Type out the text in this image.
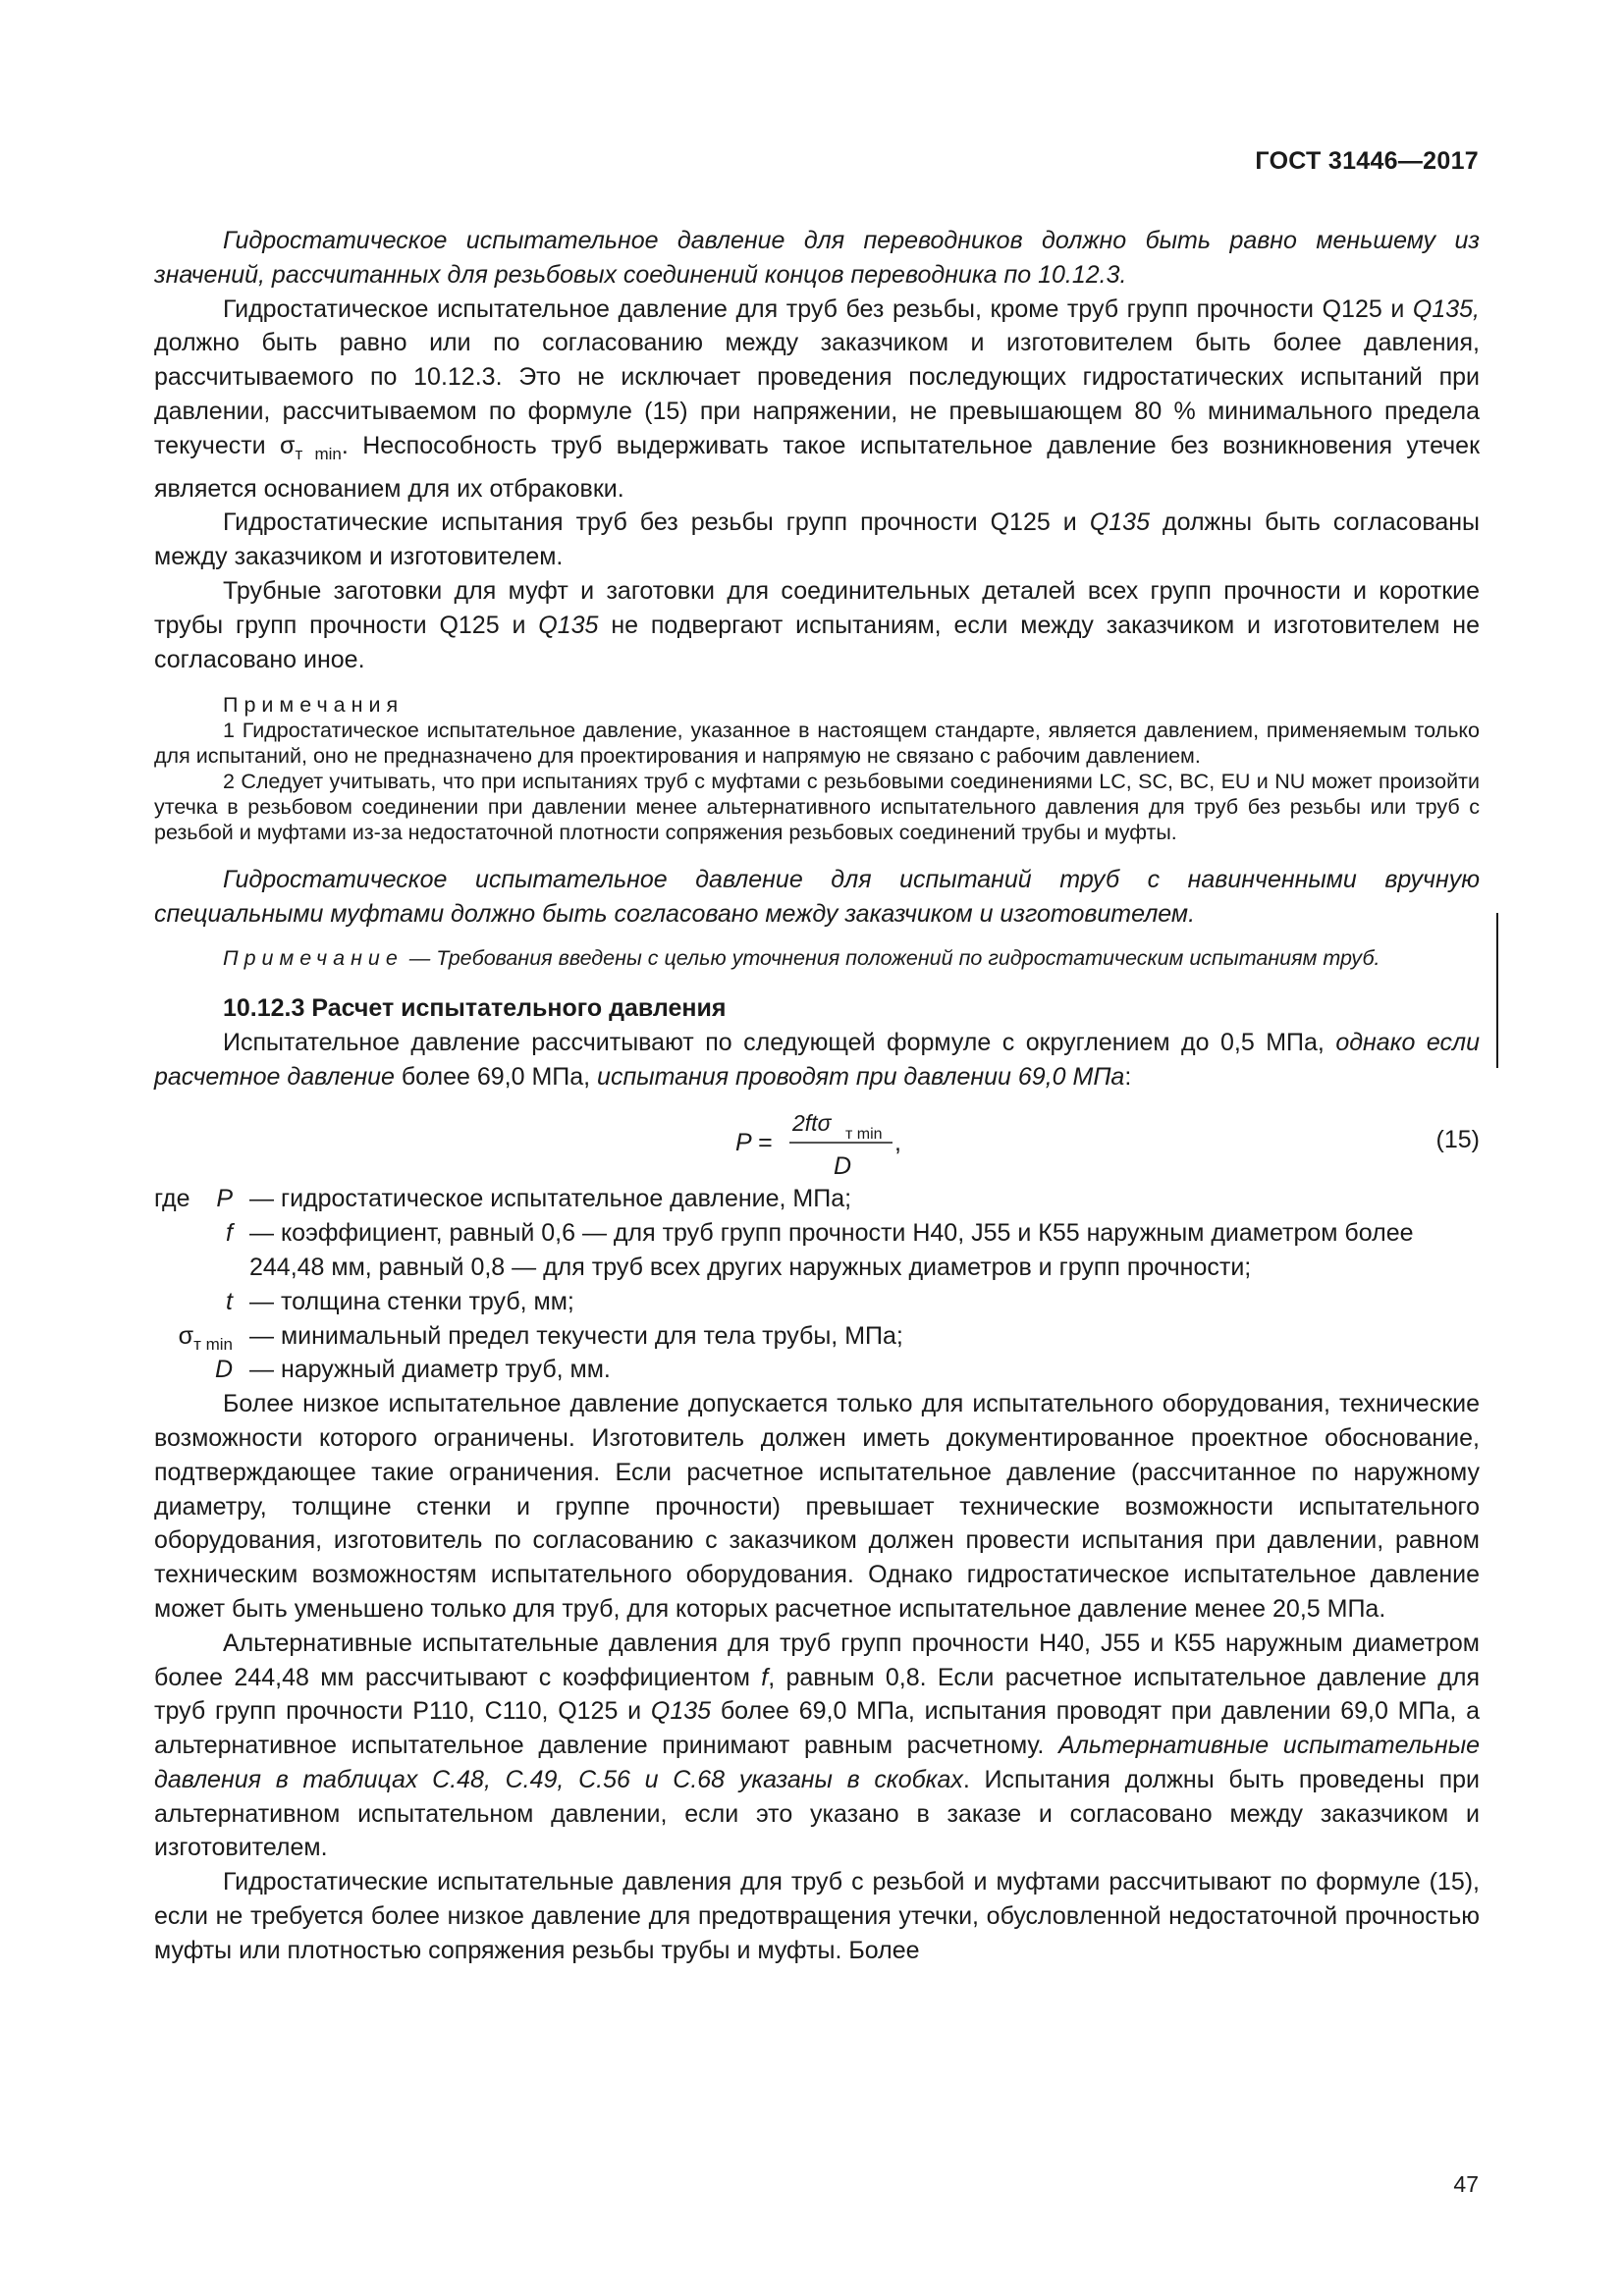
ГОСТ 31446—2017

Гидростатическое испытательное давление для переводников должно быть равно меньшему из значений, рассчитанных для резьбовых соединений концов переводника по 10.12.3.

Гидростатическое испытательное давление для труб без резьбы, кроме труб групп прочности Q125 и Q135, должно быть равно или по согласованию между заказчиком и изготовителем быть более давления, рассчитываемого по 10.12.3. Это не исключает проведения последующих гидростатических испытаний при давлении, рассчитываемом по формуле (15) при напряжении, не превышающем 80 % минимального предела текучести $\sigma_{т min}$. Неспособность труб выдерживать такое испытательное давление без возникновения утечек является основанием для их отбраковки.

Гидростатические испытания труб без резьбы групп прочности Q125 и Q135 должны быть согласованы между заказчиком и изготовителем.

Трубные заготовки для муфт и заготовки для соединительных деталей всех групп прочности и короткие трубы групп прочности Q125 и Q135 не подвергают испытаниям, если между заказчиком и изготовителем не согласовано иное.

Примечания

1 Гидростатическое испытательное давление, указанное в настоящем стандарте, является давлением, применяемым только для испытаний, оно не предназначено для проектирования и напрямую не связано с рабочим давлением.

2 Следует учитывать, что при испытаниях труб с муфтами с резьбовыми соединениями LC, SC, BC, EU и NU может произойти утечка в резьбовом соединении при давлении менее альтернативного испытательного давления для труб без резьбы или труб с резьбой и муфтами из-за недостаточной плотности сопряжения резьбовых соединений трубы и муфты.

Гидростатическое испытательное давление для испытаний труб с навинченными вручную специальными муфтами должно быть согласовано между заказчиком и изготовителем.

Примечание — Требования введены с целью уточнения положений по гидростатическим испытаниям труб.

10.12.3 Расчет испытательного давления

Испытательное давление рассчитывают по следующей формуле с округлением до 0,5 МПа, однако если расчетное давление более 69,0 МПа, испытания проводят при давлении 69,0 МПа:

P =
2ftσ т min
D
,	(15)
где	P — гидростатическое испытательное давление, МПа;
f — коэффициент, равный 0,6 — для труб групп прочности Н40, J55 и К55 наружным диаметром более 244,48 мм, равный 0,8 — для труб всех других наружных диаметров и групп прочности;
t — толщина стенки труб, мм;
$\sigma_{т min}$ — минимальный предел текучести для тела трубы, МПа;
D — наружный диаметр труб, мм.

Более низкое испытательное давление допускается только для испытательного оборудования, технические возможности которого ограничены. Изготовитель должен иметь документированное проектное обоснование, подтверждающее такие ограничения. Если расчетное испытательное давление (рассчитанное по наружному диаметру, толщине стенки и группе прочности) превышает технические возможности испытательного оборудования, изготовитель по согласованию с заказчиком должен провести испытания при давлении, равном техническим возможностям испытательного оборудования. Однако гидростатическое испытательное давление может быть уменьшено только для труб, для которых расчетное испытательное давление менее 20,5 МПа.

Альтернативные испытательные давления для труб групп прочности Н40, J55 и К55 наружным диаметром более 244,48 мм рассчитывают с коэффициентом f, равным 0,8. Если расчетное испытательное давление для труб групп прочности Р110, С110, Q125 и Q135 более 69,0 МПа, испытания проводят при давлении 69,0 МПа, а альтернативное испытательное давление принимают равным расчетному. Альтернативные испытательные давления в таблицах С.48, С.49, С.56 и С.68 указаны в скобках. Испытания должны быть проведены при альтернативном испытательном давлении, если это указано в заказе и согласовано между заказчиком и изготовителем.

Гидростатические испытательные давления для труб с резьбой и муфтами рассчитывают по формуле (15), если не требуется более низкое давление для предотвращения утечки, обусловленной недостаточной прочностью муфты или плотностью сопряжения резьбы трубы и муфты. Более

47
